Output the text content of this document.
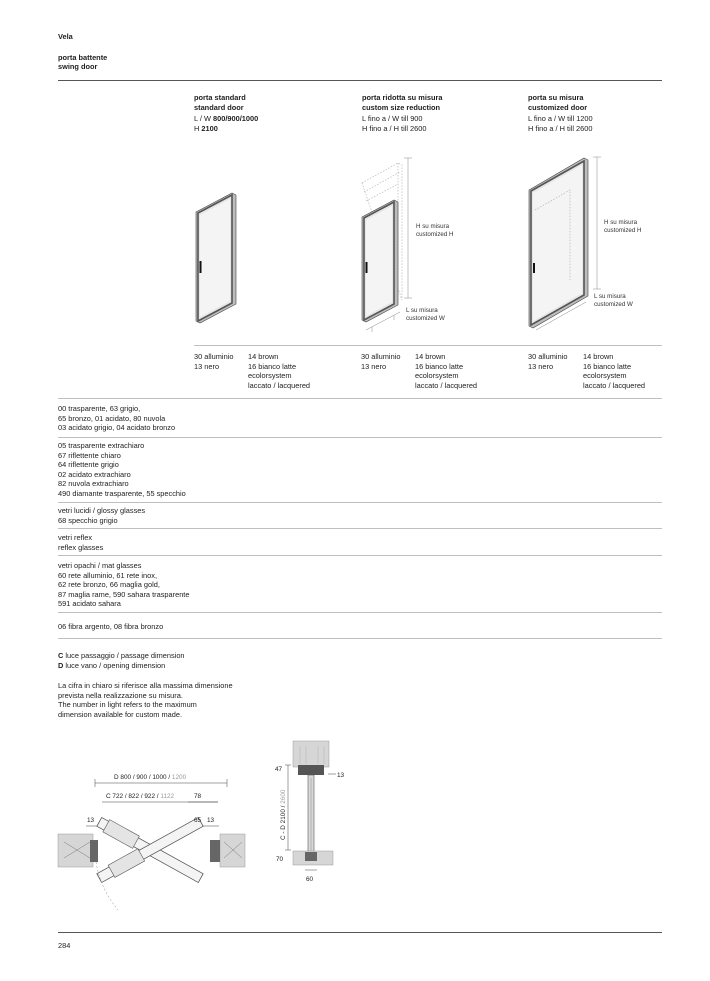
Vela
porta battente
swing door
porta standard
standard door
L / W 800/900/1000
H 2100
porta ridotta su misura
custom size reduction
L fino a / W till 900
H fino a / H till 2600
porta su misura
customized door
L fino a / W till 1200
H fino a / H till 2600
H su misura
customized H
L su misura
customized W
H su misura
customized H
L su misura
customized W
30 alluminio
13 nero
14 brown
16 bianco latte
ecolorsystem
laccato / lacquered
30 alluminio
13 nero
14 brown
16 bianco latte
ecolorsystem
laccato / lacquered
30 alluminio
13 nero
14 brown
16 bianco latte
ecolorsystem
laccato / lacquered
00 trasparente, 63 grigio,
65 bronzo, 01 acidato, 80 nuvola
03 acidato grigio, 04 acidato bronzo
05 trasparente extrachiaro
67 riflettente chiaro
64 riflettente grigio
02 acidato extrachiaro
82 nuvola extrachiaro
490 diamante trasparente, 55 specchio
vetri lucidi / glossy glasses
68 specchio grigio
vetri reflex
reflex glasses
vetri opachi / mat glasses
60 rete alluminio, 61 rete inox,
62 rete bronzo, 66 maglia gold,
87 maglia rame, 590 sahara trasparente
591 acidato sahara
06 fibra argento, 08 fibra bronzo
C luce passaggio / passage dimension
D luce vano / opening dimension
La cifra in chiaro si riferisce alla massima dimensione
prevista nella realizzazione su misura.
The number in light refers to the maximum
dimension available for custom made.
D 800 / 900 / 1000 / 1200
C 722 / 822 / 922 / 1122	78
65 13
13
47
13
70
60
C - D 2100 / 2600
284
